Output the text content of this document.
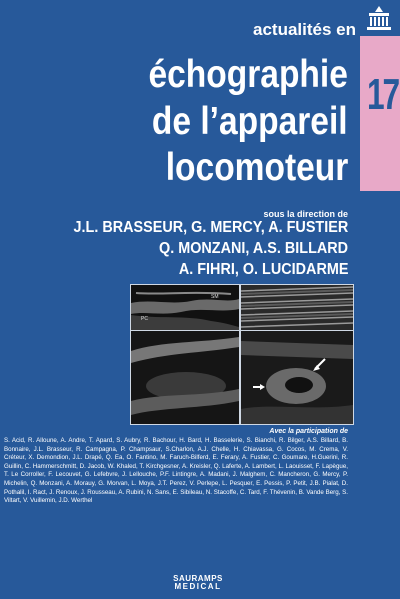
17
actualités en
échographie
de l’appareil
locomoteur
sous la direction de
J.L. BRASSEUR, G. MERCY, A. FUSTIER
Q. MONZANI, A.S. BILLARD
A. FIHRI, O. LUCIDARME
PC
SM
Avec la participation de
S. Acid, R. Alloune, A. Andre, T. Apard, S. Aubry, R. Bachour, H. Bard, H. Basselerie, S. Bianchi, R. Bilger, A.S. Billard, B. Bonnaire, J.L. Brasseur, R. Campagna, P. Champsaur, S.Charlon, A.J. Chelle, H. Chiavassa, G. Cocos, M. Crema, V. Créteur, X. Demondion, J.L. Drapé, Q. Ea, O. Fantino, M. Faruch-Bilferd, E. Ferary, A. Fustier, C. Goumare, H.Guerini, R. Guillin, C. Hammerschmitt, D. Jacob, W. Khaled, T. Kirchgesner, A. Kreisler, Q. Laferte, A. Lambert, L. Laouisset, F. Lapègue, T. Le Corroller, F. Lecouvet, G. Lefebvre, J. Lellouche, P.F. Lintingre, A. Madani, J. Malghem, C. Mancheron, G. Mercy, P. Michelin, Q. Monzani, A. Morauy, G. Morvan, L. Moya, J.T. Perez, V. Perlepe, L. Pesquer, E. Pessis, P. Petit, J.B. Pialat, D. Pothalil, I. Ract, J. Renoux, J. Rousseau, A. Rubini, N. Sans, E. Sibileau, N. Stacoffe, C. Tard, F. Thévenin, B. Vande Berg, S. Viltart, V. Vuillemin, J.D. Werthel
SAURAMPS
MEDICAL
